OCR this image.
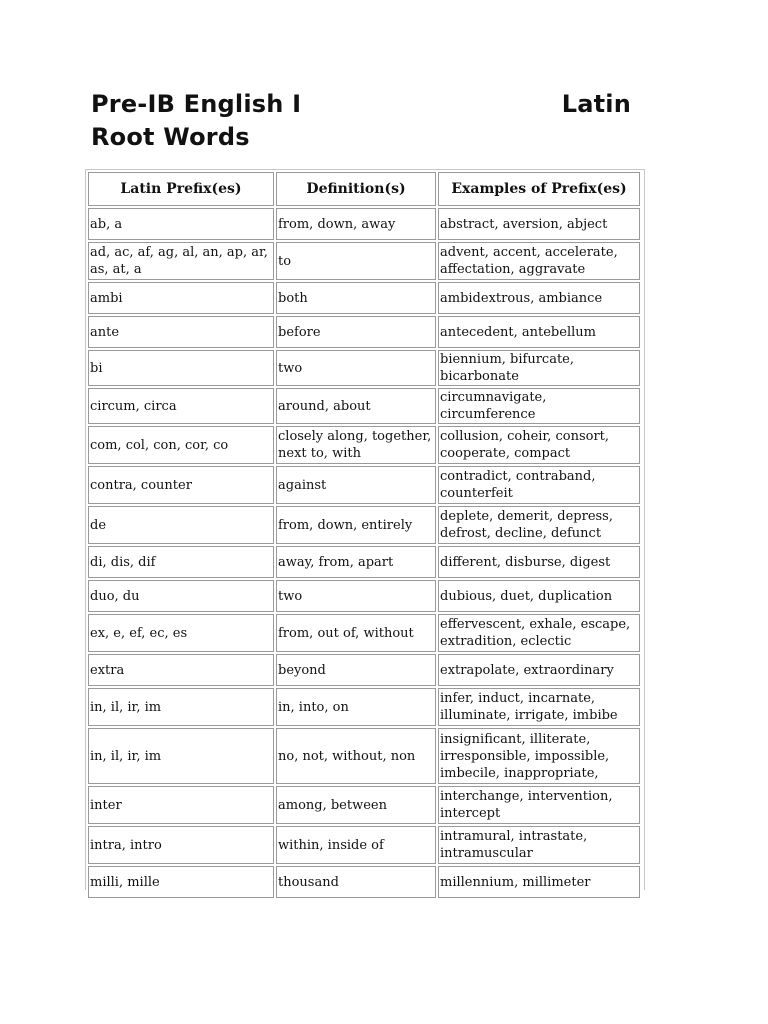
Pre-IB English I	Latin
Root Words
Latin Prefix(es)	Definition(s)	Examples of Prefix(es)
ab, a	from, down, away	abstract, aversion, abject
ad, ac, af, ag, al, an, ap, ar, as, at, a	to	advent, accent, accelerate, affectation, aggravate
ambi	both	ambidextrous, ambiance
ante	before	antecedent, antebellum
bi	two	biennium, bifurcate, bicarbonate
circum, circa	around, about	circumnavigate, circumference
com, col, con, cor, co	closely along, together, next to, with	collusion, coheir, consort, cooperate, compact
contra, counter	against	contradict, contraband, counterfeit
de	from, down, entirely	deplete, demerit, depress, defrost, decline, defunct
di, dis, dif	away, from, apart	different, disburse, digest
duo, du	two	dubious, duet, duplication
ex, e, ef, ec, es	from, out of, without	effervescent, exhale, escape, extradition, eclectic
extra	beyond	extrapolate, extraordinary
in, il, ir, im	in, into, on	infer, induct, incarnate, illuminate, irrigate, imbibe
in, il, ir, im	no, not, without, non	insignificant, illiterate, irresponsible, impossible, imbecile, inappropriate,
inter	among, between	interchange, intervention, intercept
intra, intro	within, inside of	intramural, intrastate, intramuscular
milli, mille	thousand	millennium, millimeter
